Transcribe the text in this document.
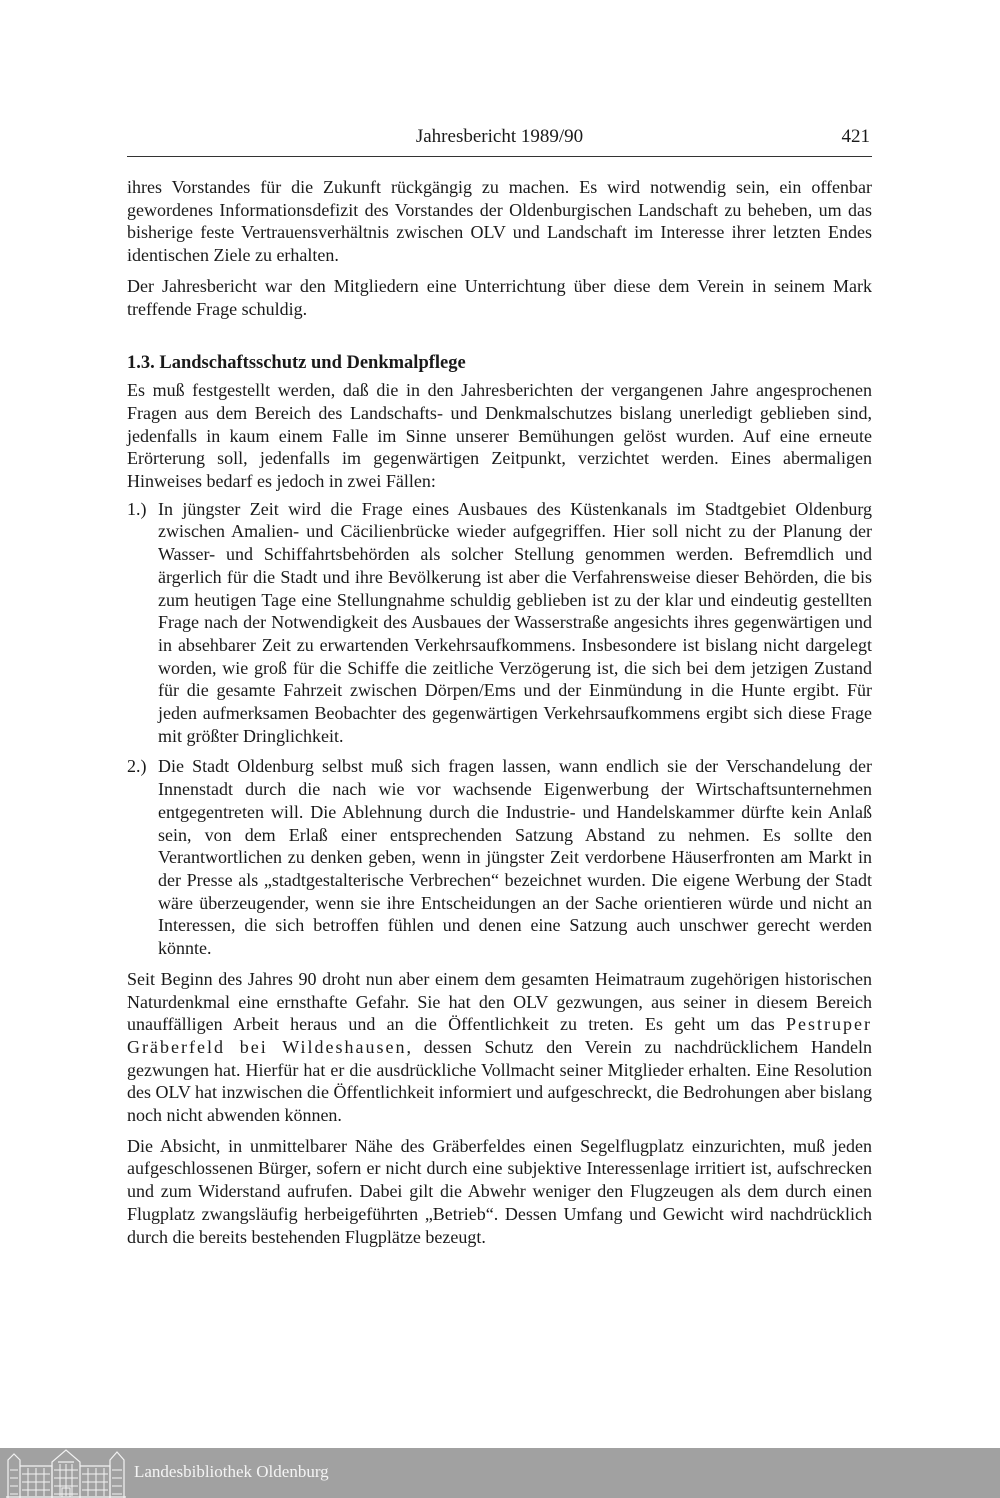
Jahresbericht 1989/90	421

ihres Vorstandes für die Zukunft rückgängig zu machen. Es wird notwendig sein, ein offenbar gewordenes Informationsdefizit des Vorstandes der Oldenburgischen Landschaft zu beheben, um das bisherige feste Vertrauensverhältnis zwischen OLV und Landschaft im Interesse ihrer letzten Endes identischen Ziele zu erhalten.

Der Jahresbericht war den Mitgliedern eine Unterrichtung über diese dem Verein in seinem Mark treffende Frage schuldig.

1.3. Landschaftsschutz und Denkmalpflege

Es muß festgestellt werden, daß die in den Jahresberichten der vergangenen Jahre angesprochenen Fragen aus dem Bereich des Landschafts- und Denkmalschutzes bislang unerledigt geblieben sind, jedenfalls in kaum einem Falle im Sinne unserer Bemühungen gelöst wurden. Auf eine erneute Erörterung soll, jedenfalls im gegenwärtigen Zeitpunkt, verzichtet werden. Eines abermaligen Hinweises bedarf es jedoch in zwei Fällen:

1.) In jüngster Zeit wird die Frage eines Ausbaues des Küstenkanals im Stadtgebiet Oldenburg zwischen Amalien- und Cäcilienbrücke wieder aufgegriffen. Hier soll nicht zu der Planung der Wasser- und Schiffahrtsbehörden als solcher Stellung genommen werden. Befremdlich und ärgerlich für die Stadt und ihre Bevölkerung ist aber die Verfahrensweise dieser Behörden, die bis zum heutigen Tage eine Stellungnahme schuldig geblieben ist zu der klar und eindeutig gestellten Frage nach der Notwendigkeit des Ausbaues der Wasserstraße angesichts ihres gegenwärtigen und in absehbarer Zeit zu erwartenden Verkehrsaufkommens. Insbesondere ist bislang nicht dargelegt worden, wie groß für die Schiffe die zeitliche Verzögerung ist, die sich bei dem jetzigen Zustand für die gesamte Fahrzeit zwischen Dörpen/Ems und der Einmündung in die Hunte ergibt. Für jeden aufmerksamen Beobachter des gegenwärtigen Verkehrsaufkommens ergibt sich diese Frage mit größter Dringlichkeit.
2.) Die Stadt Oldenburg selbst muß sich fragen lassen, wann endlich sie der Verschandelung der Innenstadt durch die nach wie vor wachsende Eigenwerbung der Wirtschaftsunternehmen entgegentreten will. Die Ablehnung durch die Industrie- und Handelskammer dürfte kein Anlaß sein, von dem Erlaß einer entsprechenden Satzung Abstand zu nehmen. Es sollte den Verantwortlichen zu denken geben, wenn in jüngster Zeit verdorbene Häuserfronten am Markt in der Presse als „stadtgestalterische Verbrechen“ bezeichnet wurden. Die eigene Werbung der Stadt wäre überzeugender, wenn sie ihre Entscheidungen an der Sache orientieren würde und nicht an Interessen, die sich betroffen fühlen und denen eine Satzung auch unschwer gerecht werden könnte.

Seit Beginn des Jahres 90 droht nun aber einem dem gesamten Heimatraum zugehörigen historischen Naturdenkmal eine ernsthafte Gefahr. Sie hat den OLV gezwungen, aus seiner in diesem Bereich unauffälligen Arbeit heraus und an die Öffentlichkeit zu treten. Es geht um das Pestruper Gräberfeld bei Wildeshausen, dessen Schutz den Verein zu nachdrücklichem Handeln gezwungen hat. Hierfür hat er die ausdrückliche Vollmacht seiner Mitglieder erhalten. Eine Resolution des OLV hat inzwischen die Öffentlichkeit informiert und aufgeschreckt, die Bedrohungen aber bislang noch nicht abwenden können.

Die Absicht, in unmittelbarer Nähe des Gräberfeldes einen Segelflugplatz einzurichten, muß jeden aufgeschlossenen Bürger, sofern er nicht durch eine subjektive Interessenlage irritiert ist, aufschrecken und zum Widerstand aufrufen. Dabei gilt die Abwehr weniger den Flugzeugen als dem durch einen Flugplatz zwangsläufig herbeigeführten „Betrieb“. Dessen Umfang und Gewicht wird nachdrücklich durch die bereits bestehenden Flugplätze bezeugt.

Landesbibliothek Oldenburg
